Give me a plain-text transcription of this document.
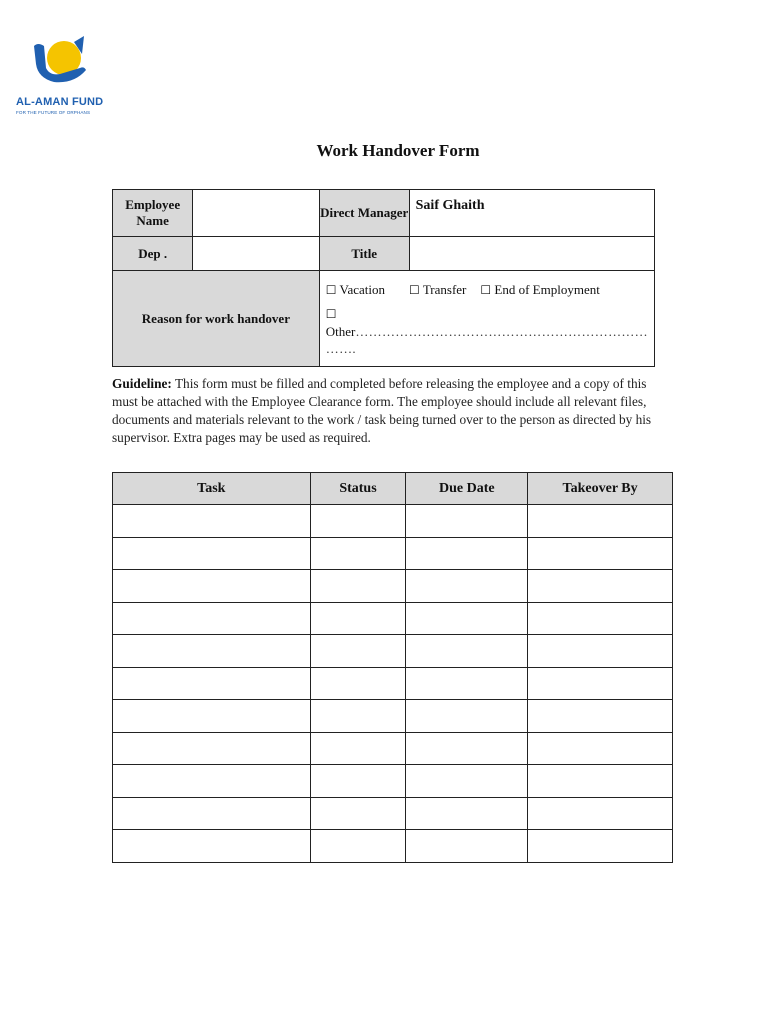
AL-AMAN FUND
FOR THE FUTURE OF ORPHANS
Work Handover Form
Employee Name		Direct Manager	Saif Ghaith
Dep .		Title	

Reason for work handover		☐ Vacation ☐ Transfer ☐ End of Employment
☐
Other…………………………………………………………
…….	
Guideline: This form must be filled and completed before releasing the employee and a copy of this must be attached with the Employee Clearance form. The employee should include all relevant files, documents and materials relevant to the work / task being turned over to the person as directed by his supervisor. Extra pages may be used as required.
Task	Status	Due Date	Takeover By
